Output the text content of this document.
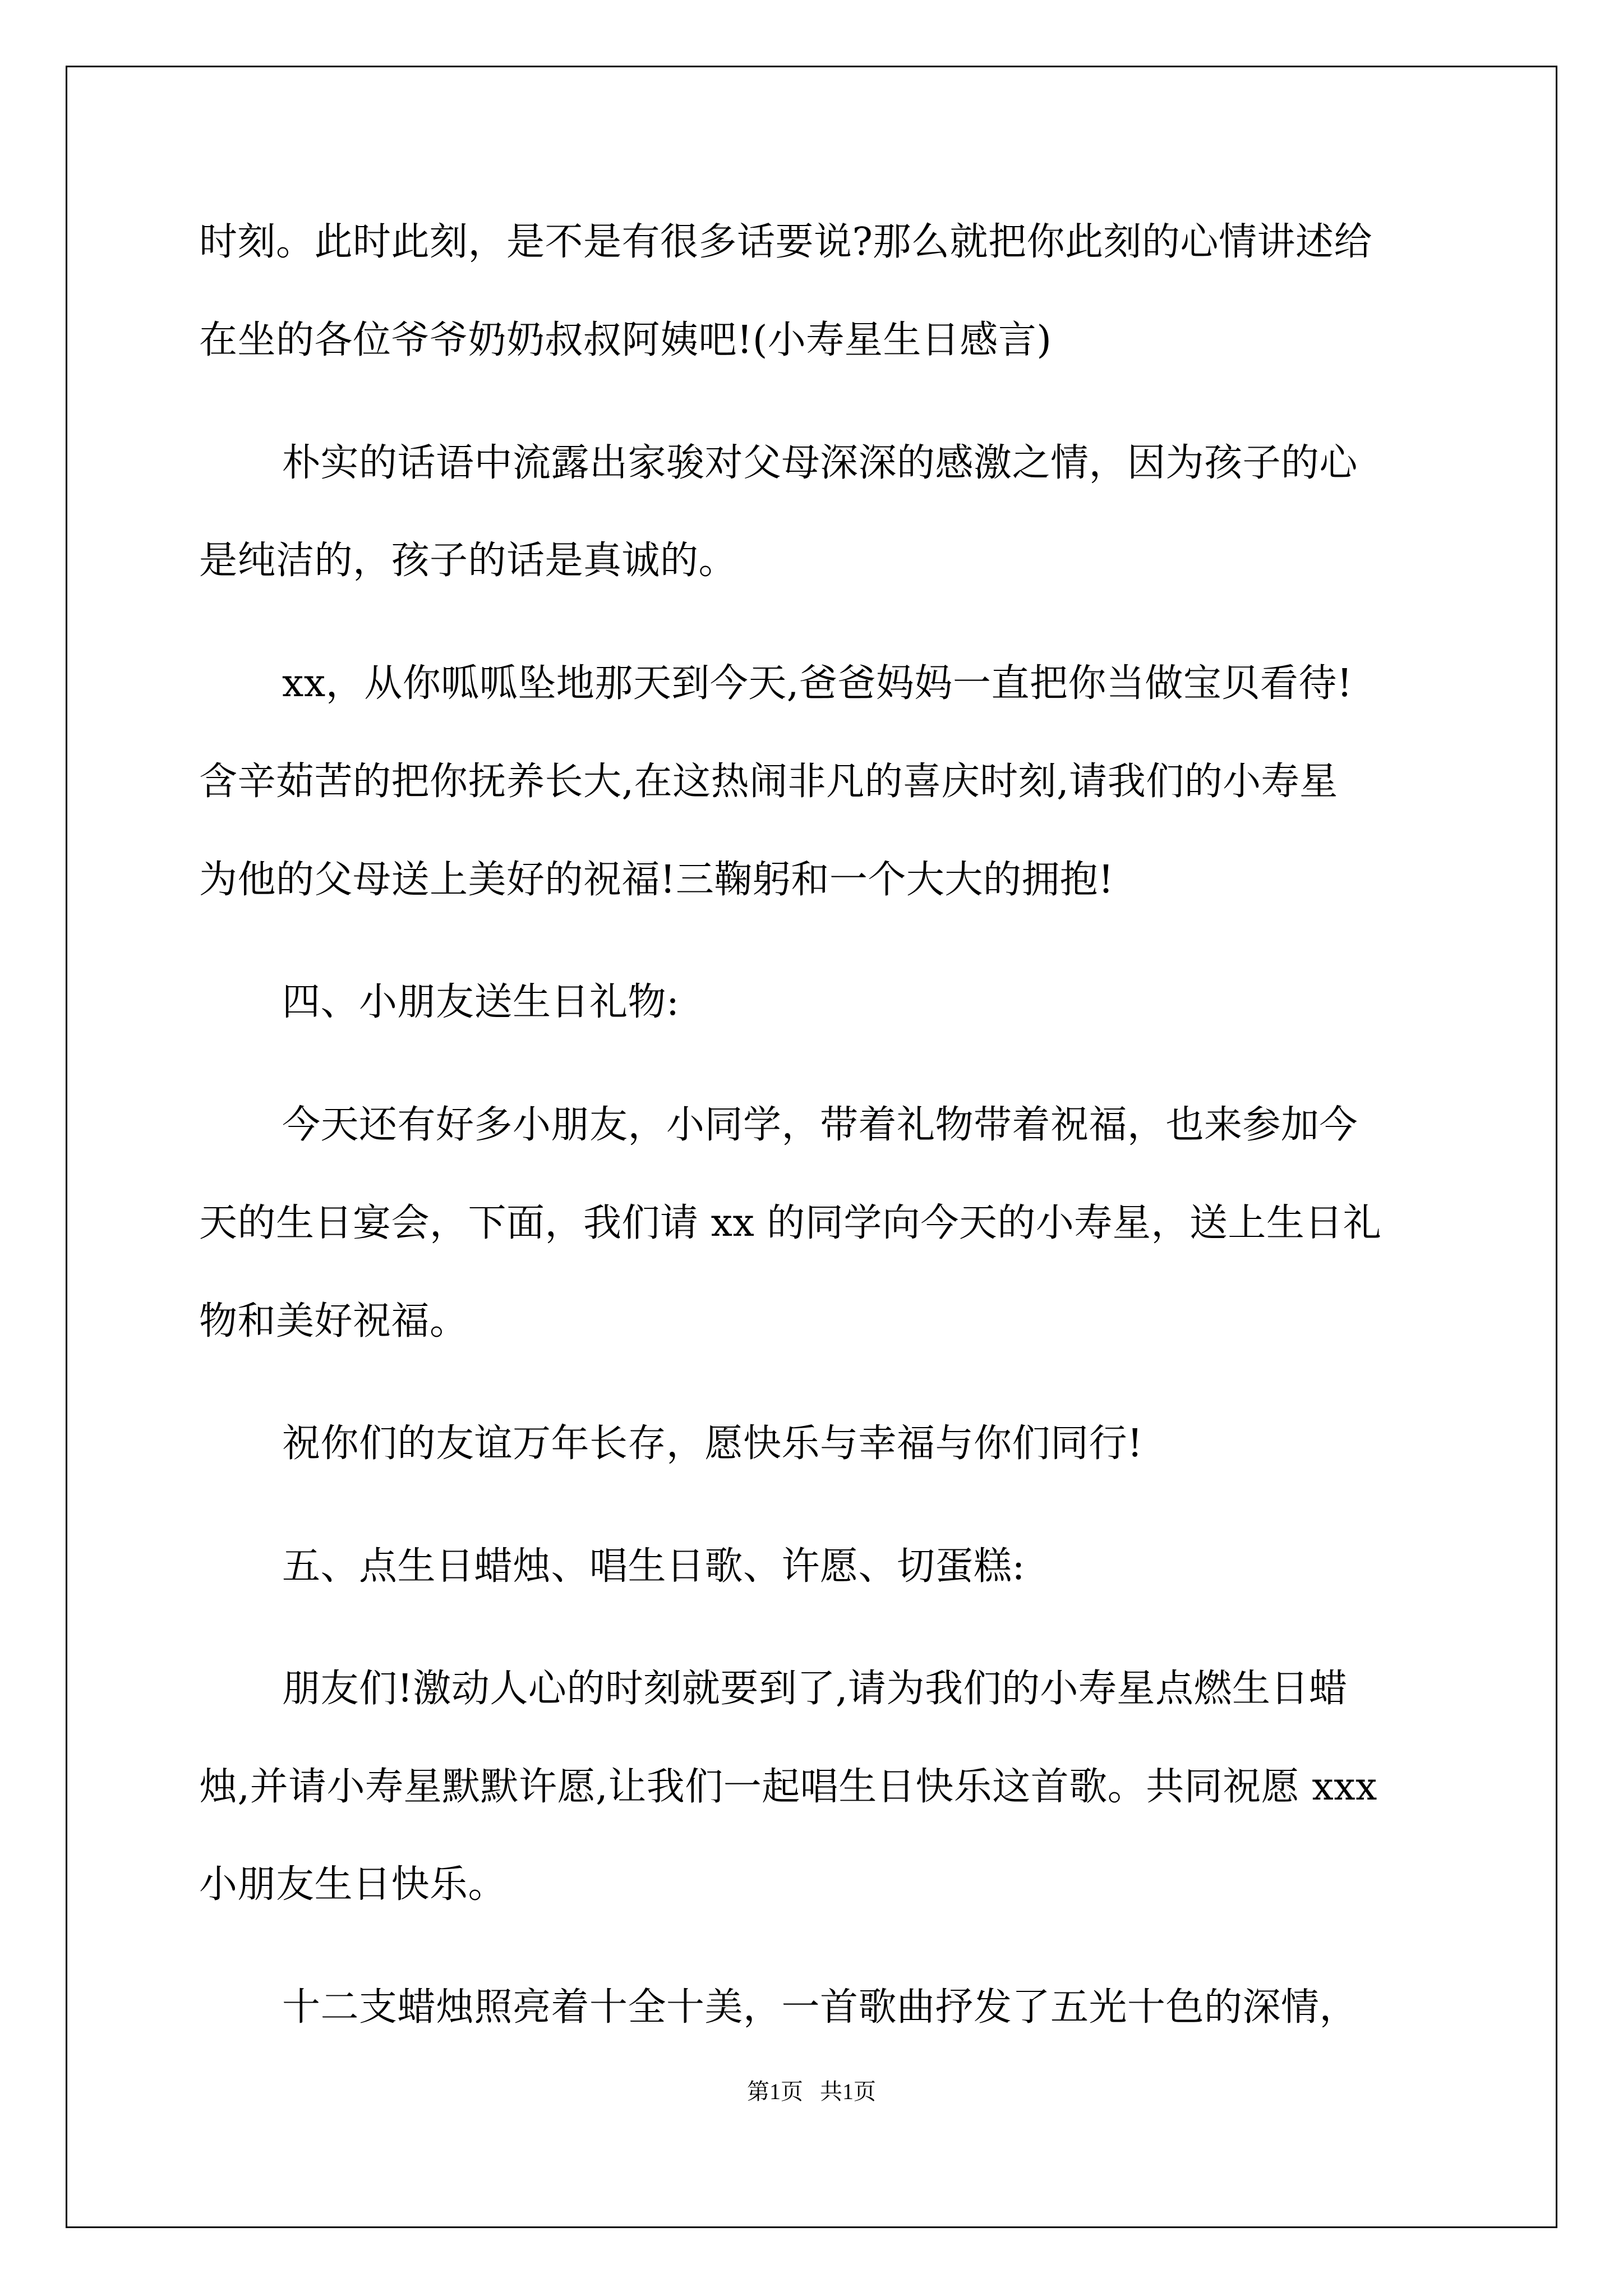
时刻。此时此刻，是不是有很多话要说?那么就把你此刻的心情讲述给

在坐的各位爷爷奶奶叔叔阿姨吧!(小寿星生日感言)

朴实的话语中流露出家骏对父母深深的感激之情，因为孩子的心

是纯洁的，孩子的话是真诚的。

xx，从你呱呱坠地那天到今天,爸爸妈妈一直把你当做宝贝看待!

含辛茹苦的把你抚养长大,在这热闹非凡的喜庆时刻,请我们的小寿星

为他的父母送上美好的祝福!三鞠躬和一个大大的拥抱!

四、小朋友送生日礼物:

今天还有好多小朋友，小同学，带着礼物带着祝福，也来参加今

天的生日宴会，下面，我们请 xx 的同学向今天的小寿星，送上生日礼

物和美好祝福。

祝你们的友谊万年长存，愿快乐与幸福与你们同行!

五、点生日蜡烛、唱生日歌、许愿、切蛋糕:

朋友们!激动人心的时刻就要到了,请为我们的小寿星点燃生日蜡

烛,并请小寿星默默许愿,让我们一起唱生日快乐这首歌。共同祝愿 xxx

小朋友生日快乐。

十二支蜡烛照亮着十全十美，一首歌曲抒发了五光十色的深情，

第1页   共1页
